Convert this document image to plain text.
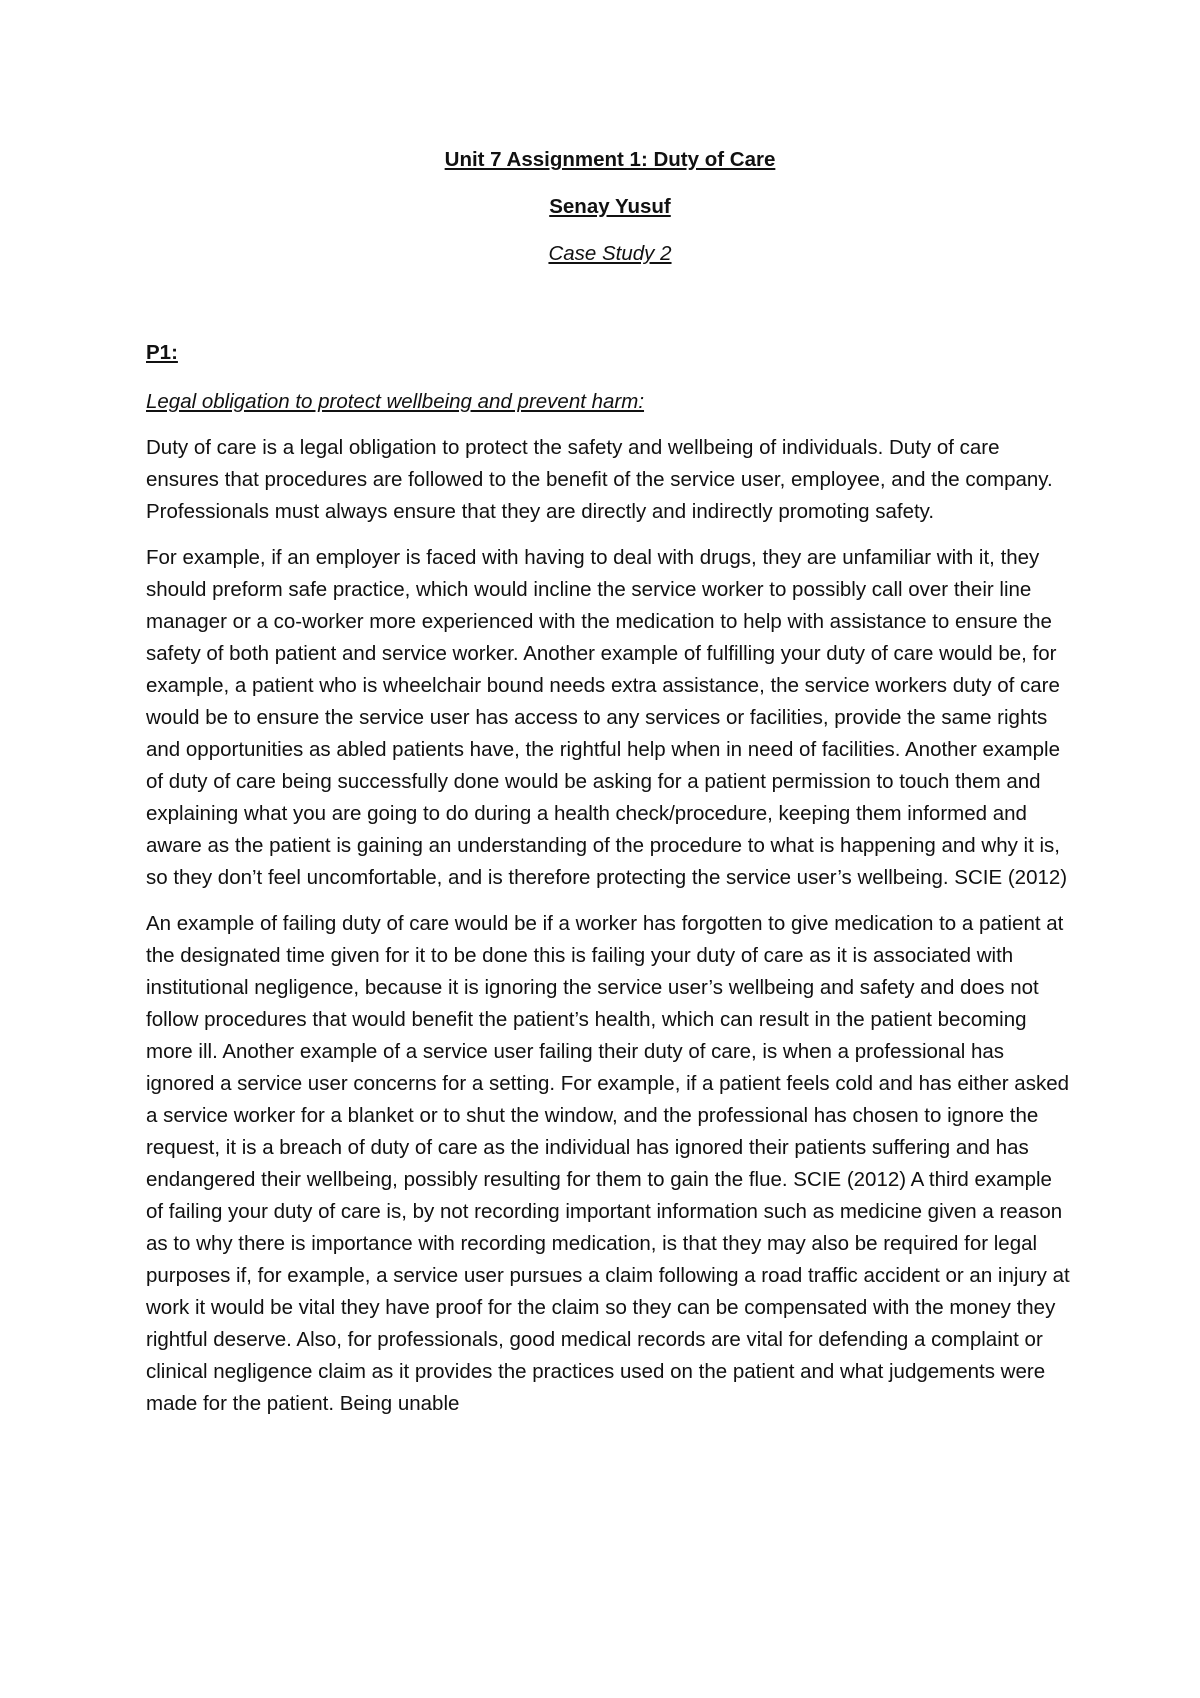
Unit 7 Assignment 1: Duty of Care

Senay Yusuf

Case Study 2

P1:

Legal obligation to protect wellbeing and prevent harm:

Duty of care is a legal obligation to protect the safety and wellbeing of individuals. Duty of care ensures that procedures are followed to the benefit of the service user, employee, and the company. Professionals must always ensure that they are directly and indirectly promoting safety.

For example, if an employer is faced with having to deal with drugs, they are unfamiliar with it, they should preform safe practice, which would incline the service worker to possibly call over their line manager or a co-worker more experienced with the medication to help with assistance to ensure the safety of both patient and service worker. Another example of fulfilling your duty of care would be, for example, a patient who is wheelchair bound needs extra assistance, the service workers duty of care would be to ensure the service user has access to any services or facilities, provide the same rights and opportunities as abled patients have, the rightful help when in need of facilities. Another example of duty of care being successfully done would be asking for a patient permission to touch them and explaining what you are going to do during a health check/procedure, keeping them informed and aware as the patient is gaining an understanding of the procedure to what is happening and why it is, so they don’t feel uncomfortable, and is therefore protecting the service user’s wellbeing. SCIE (2012)

An example of failing duty of care would be if a worker has forgotten to give medication to a patient at the designated time given for it to be done this is failing your duty of care as it is associated with institutional negligence, because it is ignoring the service user’s wellbeing and safety and does not follow procedures that would benefit the patient’s health, which can result in the patient becoming more ill. Another example of a service user failing their duty of care, is when a professional has ignored a service user concerns for a setting. For example, if a patient feels cold and has either asked a service worker for a blanket or to shut the window, and the professional has chosen to ignore the request, it is a breach of duty of care as the individual has ignored their patients suffering and has endangered their wellbeing, possibly resulting for them to gain the flue. SCIE (2012) A third example of failing your duty of care is, by not recording important information such as medicine given a reason as to why there is importance with recording medication, is that they may also be required for legal purposes if, for example, a service user pursues a claim following a road traffic accident or an injury at work it would be vital they have proof for the claim so they can be compensated with the money they rightful deserve. Also, for professionals, good medical records are vital for defending a complaint or clinical negligence claim as it provides the practices used on the patient and what judgements were made for the patient. Being unable
